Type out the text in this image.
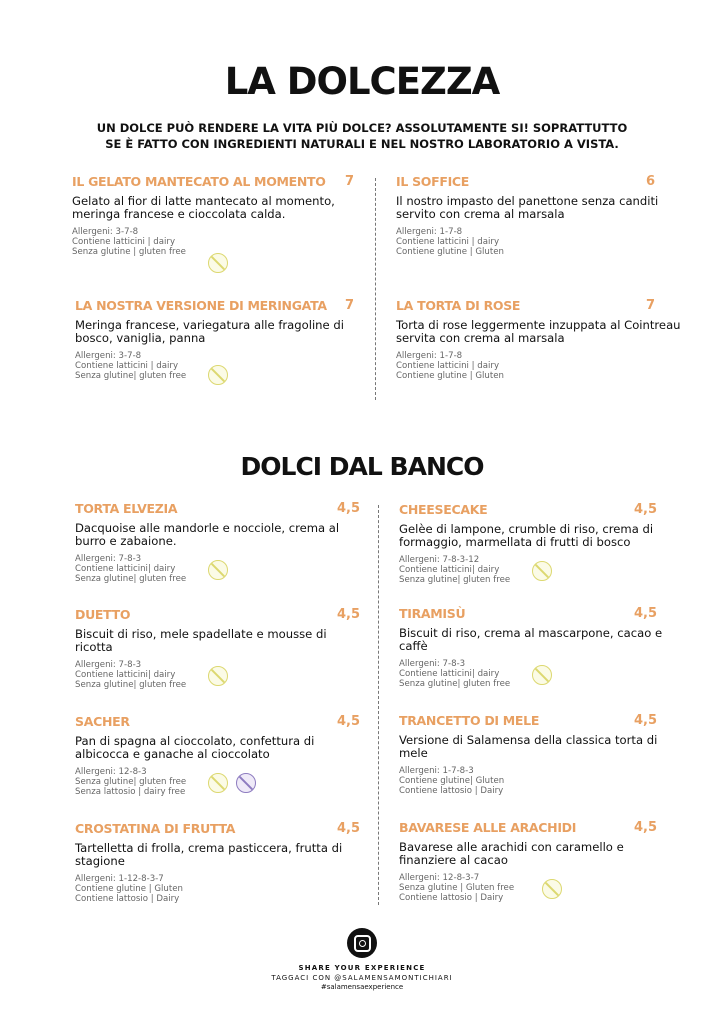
LA DOLCEZZA
UN DOLCE PUÒ RENDERE LA VITA PIÙ DOLCE? ASSOLUTAMENTE SI! SOPRATTUTTO SE È FATTO CON INGREDIENTI NATURALI E NEL NOSTRO LABORATORIO A VISTA.
DOLCI DAL BANCO
IL GELATO MANTECATO AL MOMENTO	7
Gelato al fior di latte mantecato al momento, meringa francese e cioccolata calda.
Allergeni: 3-7-8
Contiene latticini | dairy
Senza glutine | gluten free
LA NOSTRA VERSIONE DI MERINGATA	7
Meringa francese, variegatura alle fragoline di bosco, vaniglia, panna
Allergeni: 3-7-8
Contiene latticini | dairy
Senza glutine| gluten free
IL SOFFICE	6
Il nostro impasto del panettone senza canditi servito con crema al marsala
Allergeni: 1-7-8
Contiene latticini | dairy
Contiene glutine | Gluten
LA TORTA DI ROSE	7
Torta di rose leggermente inzuppata al Cointreau servita con crema al marsala
Allergeni: 1-7-8
Contiene latticini | dairy
Contiene glutine | Gluten
TORTA ELVEZIA	4,5
Dacquoise alle mandorle e nocciole, crema al burro e zabaione.
Allergeni: 7-8-3
Contiene latticini| dairy
Senza glutine| gluten free
DUETTO	4,5
Biscuit di riso, mele spadellate e mousse di ricotta
Allergeni: 7-8-3
Contiene latticini| dairy
Senza glutine| gluten free
SACHER	4,5
Pan di spagna al cioccolato, confettura di albicocca e ganache al cioccolato
Allergeni: 12-8-3
Senza glutine| gluten free
Senza lattosio | dairy free
CROSTATINA DI FRUTTA	4,5
Tartelletta di frolla, crema pasticcera, frutta di stagione
Allergeni: 1-12-8-3-7
Contiene glutine | Gluten
Contiene lattosio | Dairy
CHEESECAKE	4,5
Gelèe di lampone, crumble di riso, crema di formaggio, marmellata di frutti di bosco
Allergeni: 7-8-3-12
Contiene latticini| dairy
Senza glutine| gluten free
TIRAMISÙ	4,5
Biscuit di riso, crema al mascarpone, cacao e caffè
Allergeni: 7-8-3
Contiene latticini| dairy
Senza glutine| gluten free
TRANCETTO DI MELE	4,5
Versione di Salamensa della classica torta di mele
Allergeni: 1-7-8-3
Contiene glutine| Gluten
Contiene lattosio | Dairy
BAVARESE ALLE ARACHIDI	4,5
Bavarese alle arachidi con caramello e finanziere al cacao
Allergeni: 12-8-3-7
Senza glutine | Gluten free
Contiene lattosio | Dairy
SHARE YOUR EXPERIENCE
TAGGACI CON @SALAMENSAMONTICHIARI
#salamensaexperience
